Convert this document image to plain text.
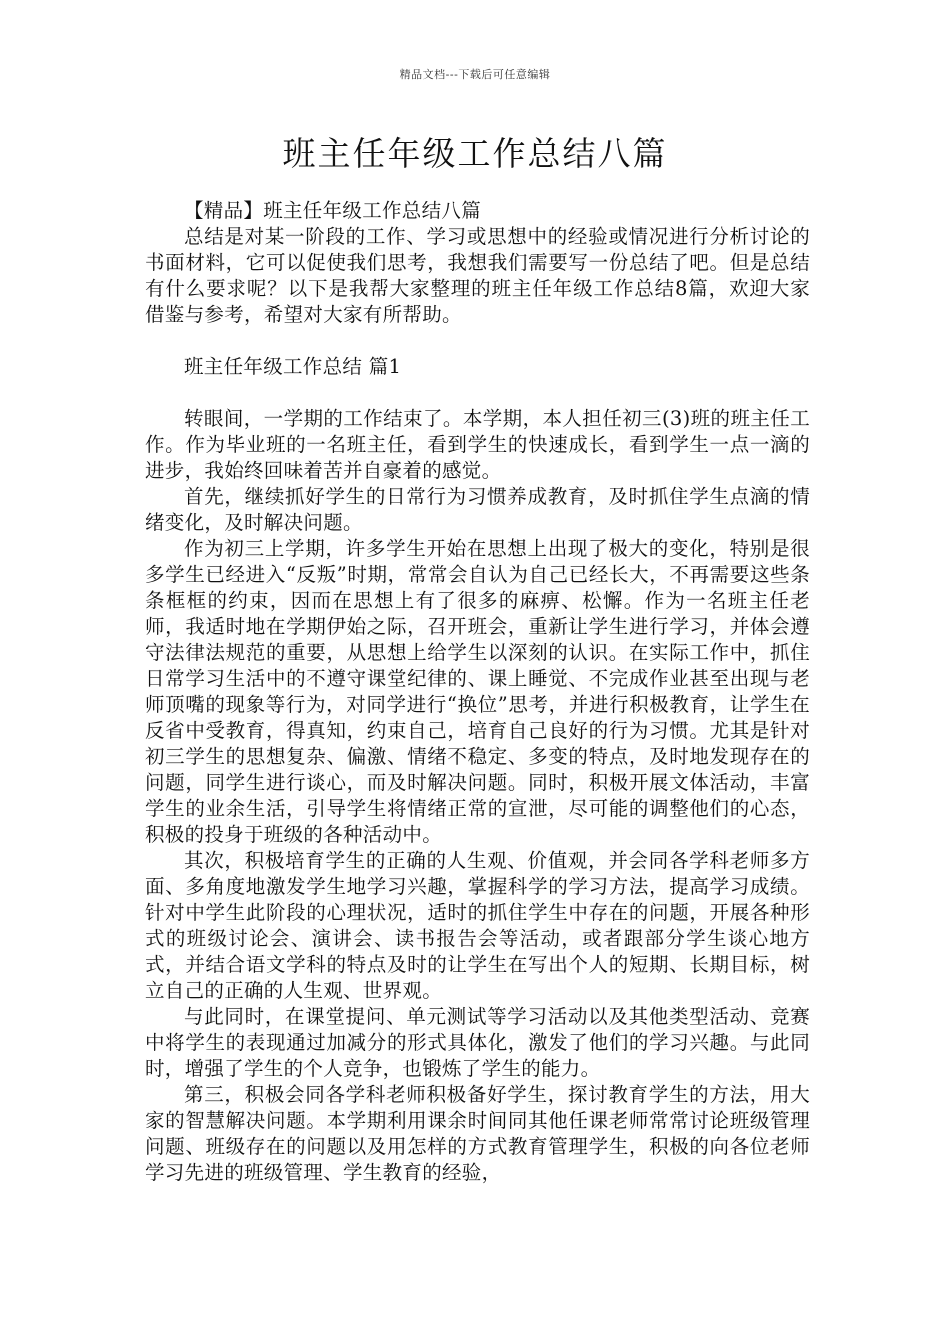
精品文档---下载后可任意编辑
班主任年级工作总结八篇

【精品】班主任年级工作总结八篇

总结是对某一阶段的工作、学习或思想中的经验或情况进行分析讨论的书面材料，它可以促使我们思考，我想我们需要写一份总结了吧。但是总结有什么要求呢？以下是我帮大家整理的班主任年级工作总结8篇，欢迎大家借鉴与参考，希望对大家有所帮助。

班主任年级工作总结 篇1

转眼间，一学期的工作结束了。本学期，本人担任初三(3)班的班主任工作。作为毕业班的一名班主任，看到学生的快速成长，看到学生一点一滴的进步，我始终回味着苦并自豪着的感觉。

首先，继续抓好学生的日常行为习惯养成教育，及时抓住学生点滴的情绪变化，及时解决问题。

作为初三上学期，许多学生开始在思想上出现了极大的变化，特别是很多学生已经进入“反叛”时期，常常会自认为自己已经长大，不再需要这些条条框框的约束，因而在思想上有了很多的麻痹、松懈。作为一名班主任老师，我适时地在学期伊始之际，召开班会，重新让学生进行学习，并体会遵守法律法规范的重要，从思想上给学生以深刻的认识。在实际工作中，抓住日常学习生活中的不遵守课堂纪律的、课上睡觉、不完成作业甚至出现与老师顶嘴的现象等行为，对同学进行“换位”思考，并进行积极教育，让学生在反省中受教育，得真知，约束自己，培育自己良好的行为习惯。尤其是针对初三学生的思想复杂、偏激、情绪不稳定、多变的特点，及时地发现存在的问题，同学生进行谈心，而及时解决问题。同时，积极开展文体活动，丰富学生的业余生活，引导学生将情绪正常的宣泄，尽可能的调整他们的心态，积极的投身于班级的各种活动中。

其次，积极培育学生的正确的人生观、价值观，并会同各学科老师多方面、多角度地激发学生地学习兴趣，掌握科学的学习方法，提高学习成绩。针对中学生此阶段的心理状况，适时的抓住学生中存在的问题，开展各种形式的班级讨论会、演讲会、读书报告会等活动，或者跟部分学生谈心地方式，并结合语文学科的特点及时的让学生在写出个人的短期、长期目标，树立自己的正确的人生观、世界观。

与此同时，在课堂提问、单元测试等学习活动以及其他类型活动、竞赛中将学生的表现通过加减分的形式具体化，激发了他们的学习兴趣。与此同时，增强了学生的个人竞争，也锻炼了学生的能力。

第三，积极会同各学科老师积极备好学生，探讨教育学生的方法，用大家的智慧解决问题。本学期利用课余时间同其他任课老师常常讨论班级管理问题、班级存在的问题以及用怎样的方式教育管理学生，积极的向各位老师学习先进的班级管理、学生教育的经验，
